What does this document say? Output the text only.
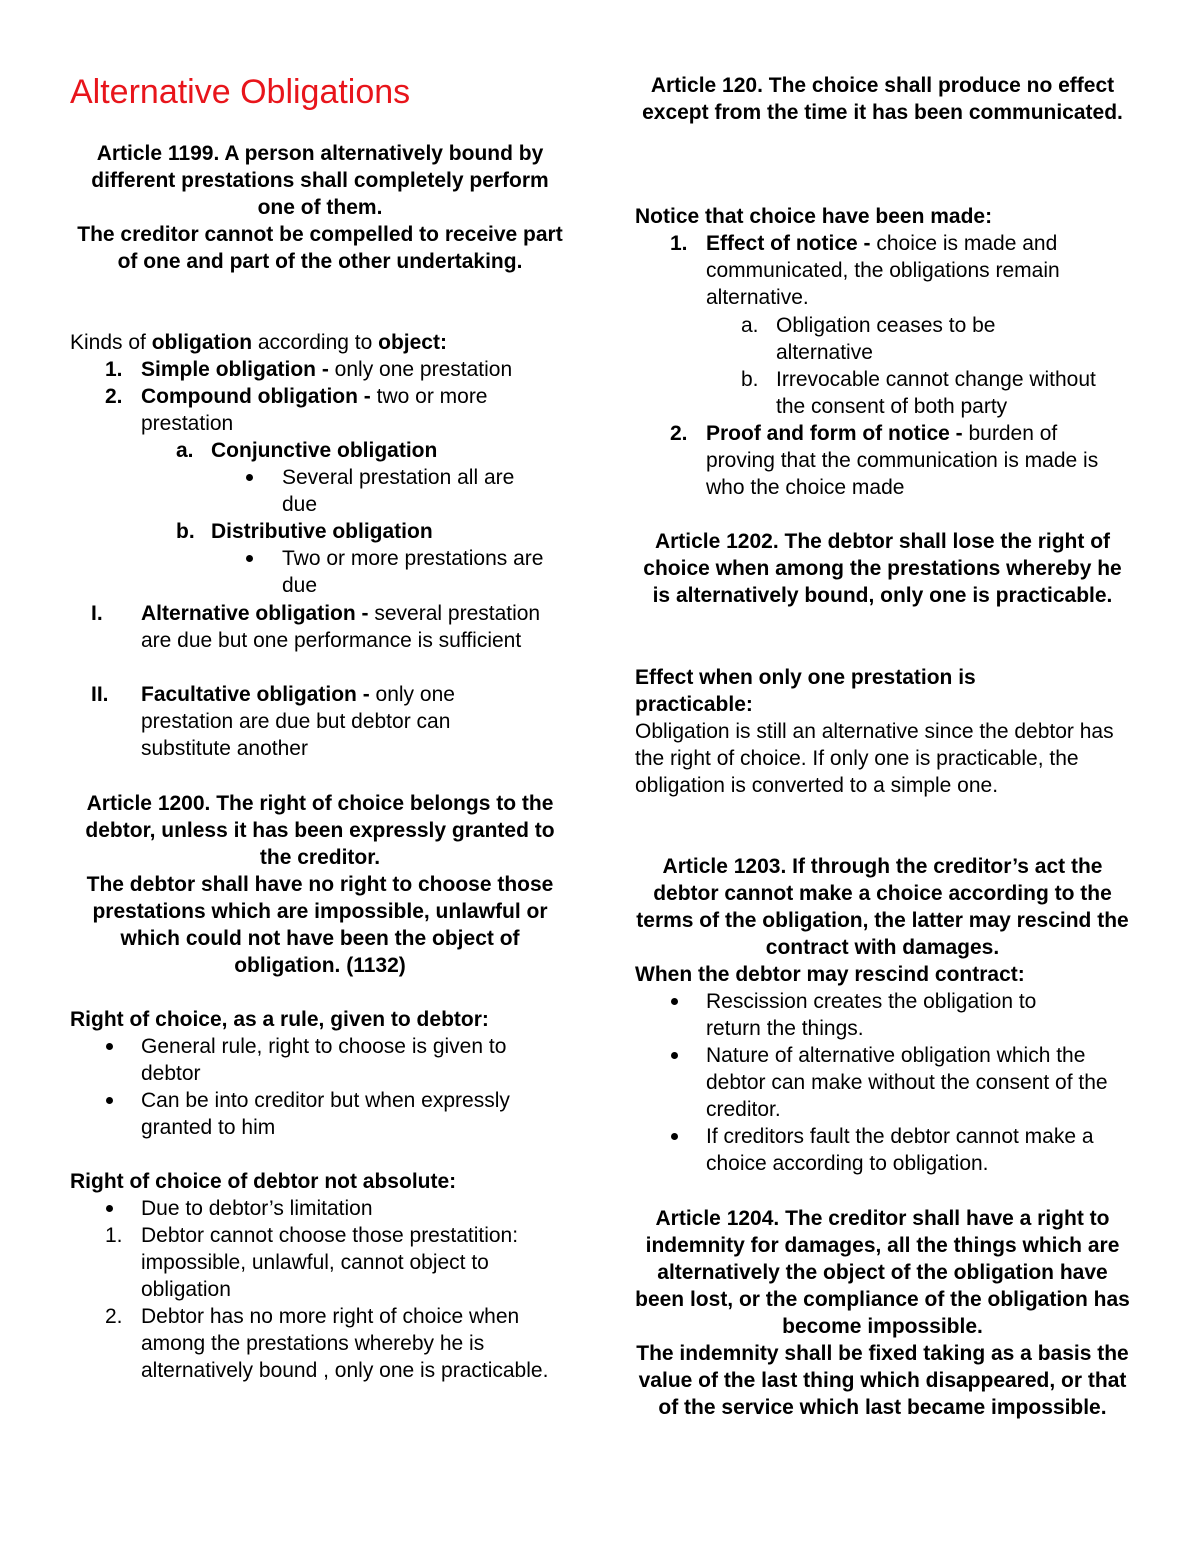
Alternative Obligations

Article 1199. A person alternatively bound by different prestations shall completely perform one of them.

The creditor cannot be compelled to receive part of one and part of the other undertaking.

Kinds of obligation according to object:
1. Simple obligation - only one prestation
2. Compound obligation - two or more prestation
a. Conjunctive obligation
Several prestation all are due
b. Distributive obligation
Two or more prestations are due
I. Alternative obligation - several prestation are due but one performance is sufficient
II. Facultative obligation - only one prestation are due but debtor can substitute another

Article 1200. The right of choice belongs to the debtor, unless it has been expressly granted to the creditor.

The debtor shall have no right to choose those prestations which are impossible, unlawful or which could not have been the object of obligation. (1132)

Right of choice, as a rule, given to debtor:
General rule, right to choose is given to debtor
Can be into creditor but when expressly granted to him
Right of choice of debtor not absolute:
Due to debtor’s limitation
1. Debtor cannot choose those prestatition: impossible, unlawful, cannot object to obligation
2. Debtor has no more right of choice when among the prestations whereby he is alternatively bound , only one is practicable.

Article 120. The choice shall produce no effect except from the time it has been communicated.

Notice that choice have been made:
1. Effect of notice - choice is made and communicated, the obligations remain alternative.
a. Obligation ceases to be alternative
b. Irrevocable cannot change without the consent of both party
2. Proof and form of notice - burden of proving that the communication is made is who the choice made

Article 1202. The debtor shall lose the right of choice when among the prestations whereby he is alternatively bound, only one is practicable.

Effect when only one prestation is practicable:
Obligation is still an alternative since the debtor has the right of choice. If only one is practicable, the obligation is converted to a simple one.

Article 1203. If through the creditor’s act the debtor cannot make a choice according to the terms of the obligation, the latter may rescind the contract with damages.

When the debtor may rescind contract:
Rescission creates the obligation to return the things.
Nature of alternative obligation which the debtor can make without the consent of the creditor.
If creditors fault the debtor cannot make a choice according to obligation.

Article 1204. The creditor shall have a right to indemnity for damages, all the things which are alternatively the object of the obligation have been lost, or the compliance of the obligation has become impossible.

The indemnity shall be fixed taking as a basis the value of the last thing which disappeared, or that of the service which last became impossible.
